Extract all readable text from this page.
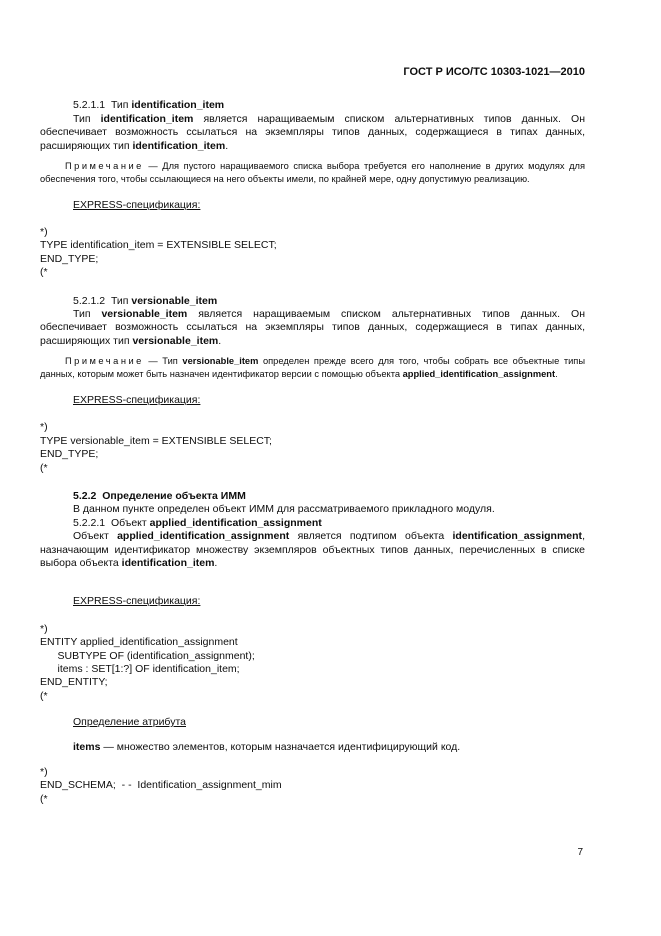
ГОСТ Р ИСО/ТС 10303-1021—2010
5.2.1.1  Тип identification_item

Тип identification_item является наращиваемым списком альтернативных типов данных. Он обеспечивает возможность ссылаться на экземпляры типов данных, содержащиеся в типах данных, расширяющих тип identification_item.

Примечание — Для пустого наращиваемого списка выбора требуется его наполнение в других модулях для обеспечения того, чтобы ссылающиеся на него объекты имели, по крайней мере, одну допустимую реализацию.

EXPRESS-спецификация:
*)
TYPE identification_item = EXTENSIBLE SELECT;
END_TYPE;
(*
5.2.1.2  Тип versionable_item

Тип versionable_item является наращиваемым списком альтернативных типов данных. Он обеспечивает возможность ссылаться на экземпляры типов данных, содержащиеся в типах данных, расширяющих тип versionable_item.

Примечание — Тип versionable_item определен прежде всего для того, чтобы собрать все объектные типы данных, которым может быть назначен идентификатор версии с помощью объекта applied_identification_assignment.

EXPRESS-спецификация:
*)
TYPE versionable_item = EXTENSIBLE SELECT;
END_TYPE;
(*
5.2.2  Определение объекта ИММ

В данном пункте определен объект ИММ для рассматриваемого прикладного модуля.

5.2.2.1  Объект applied_identification_assignment

Объект applied_identification_assignment является подтипом объекта identification_assignment, назначающим идентификатор множеству экземпляров объектных типов данных, перечисленных в списке выбора объекта identification_item.

EXPRESS-спецификация:
*)
ENTITY applied_identification_assignment
SUBTYPE OF (identification_assignment);
items : SET[1:?] OF identification_item;
END_ENTITY;
(*
Определение атрибута

items — множество элементов, которым назначается идентифицирующий код.

*)
END_SCHEMA;  - -  Identification_assignment_mim
(*
7
